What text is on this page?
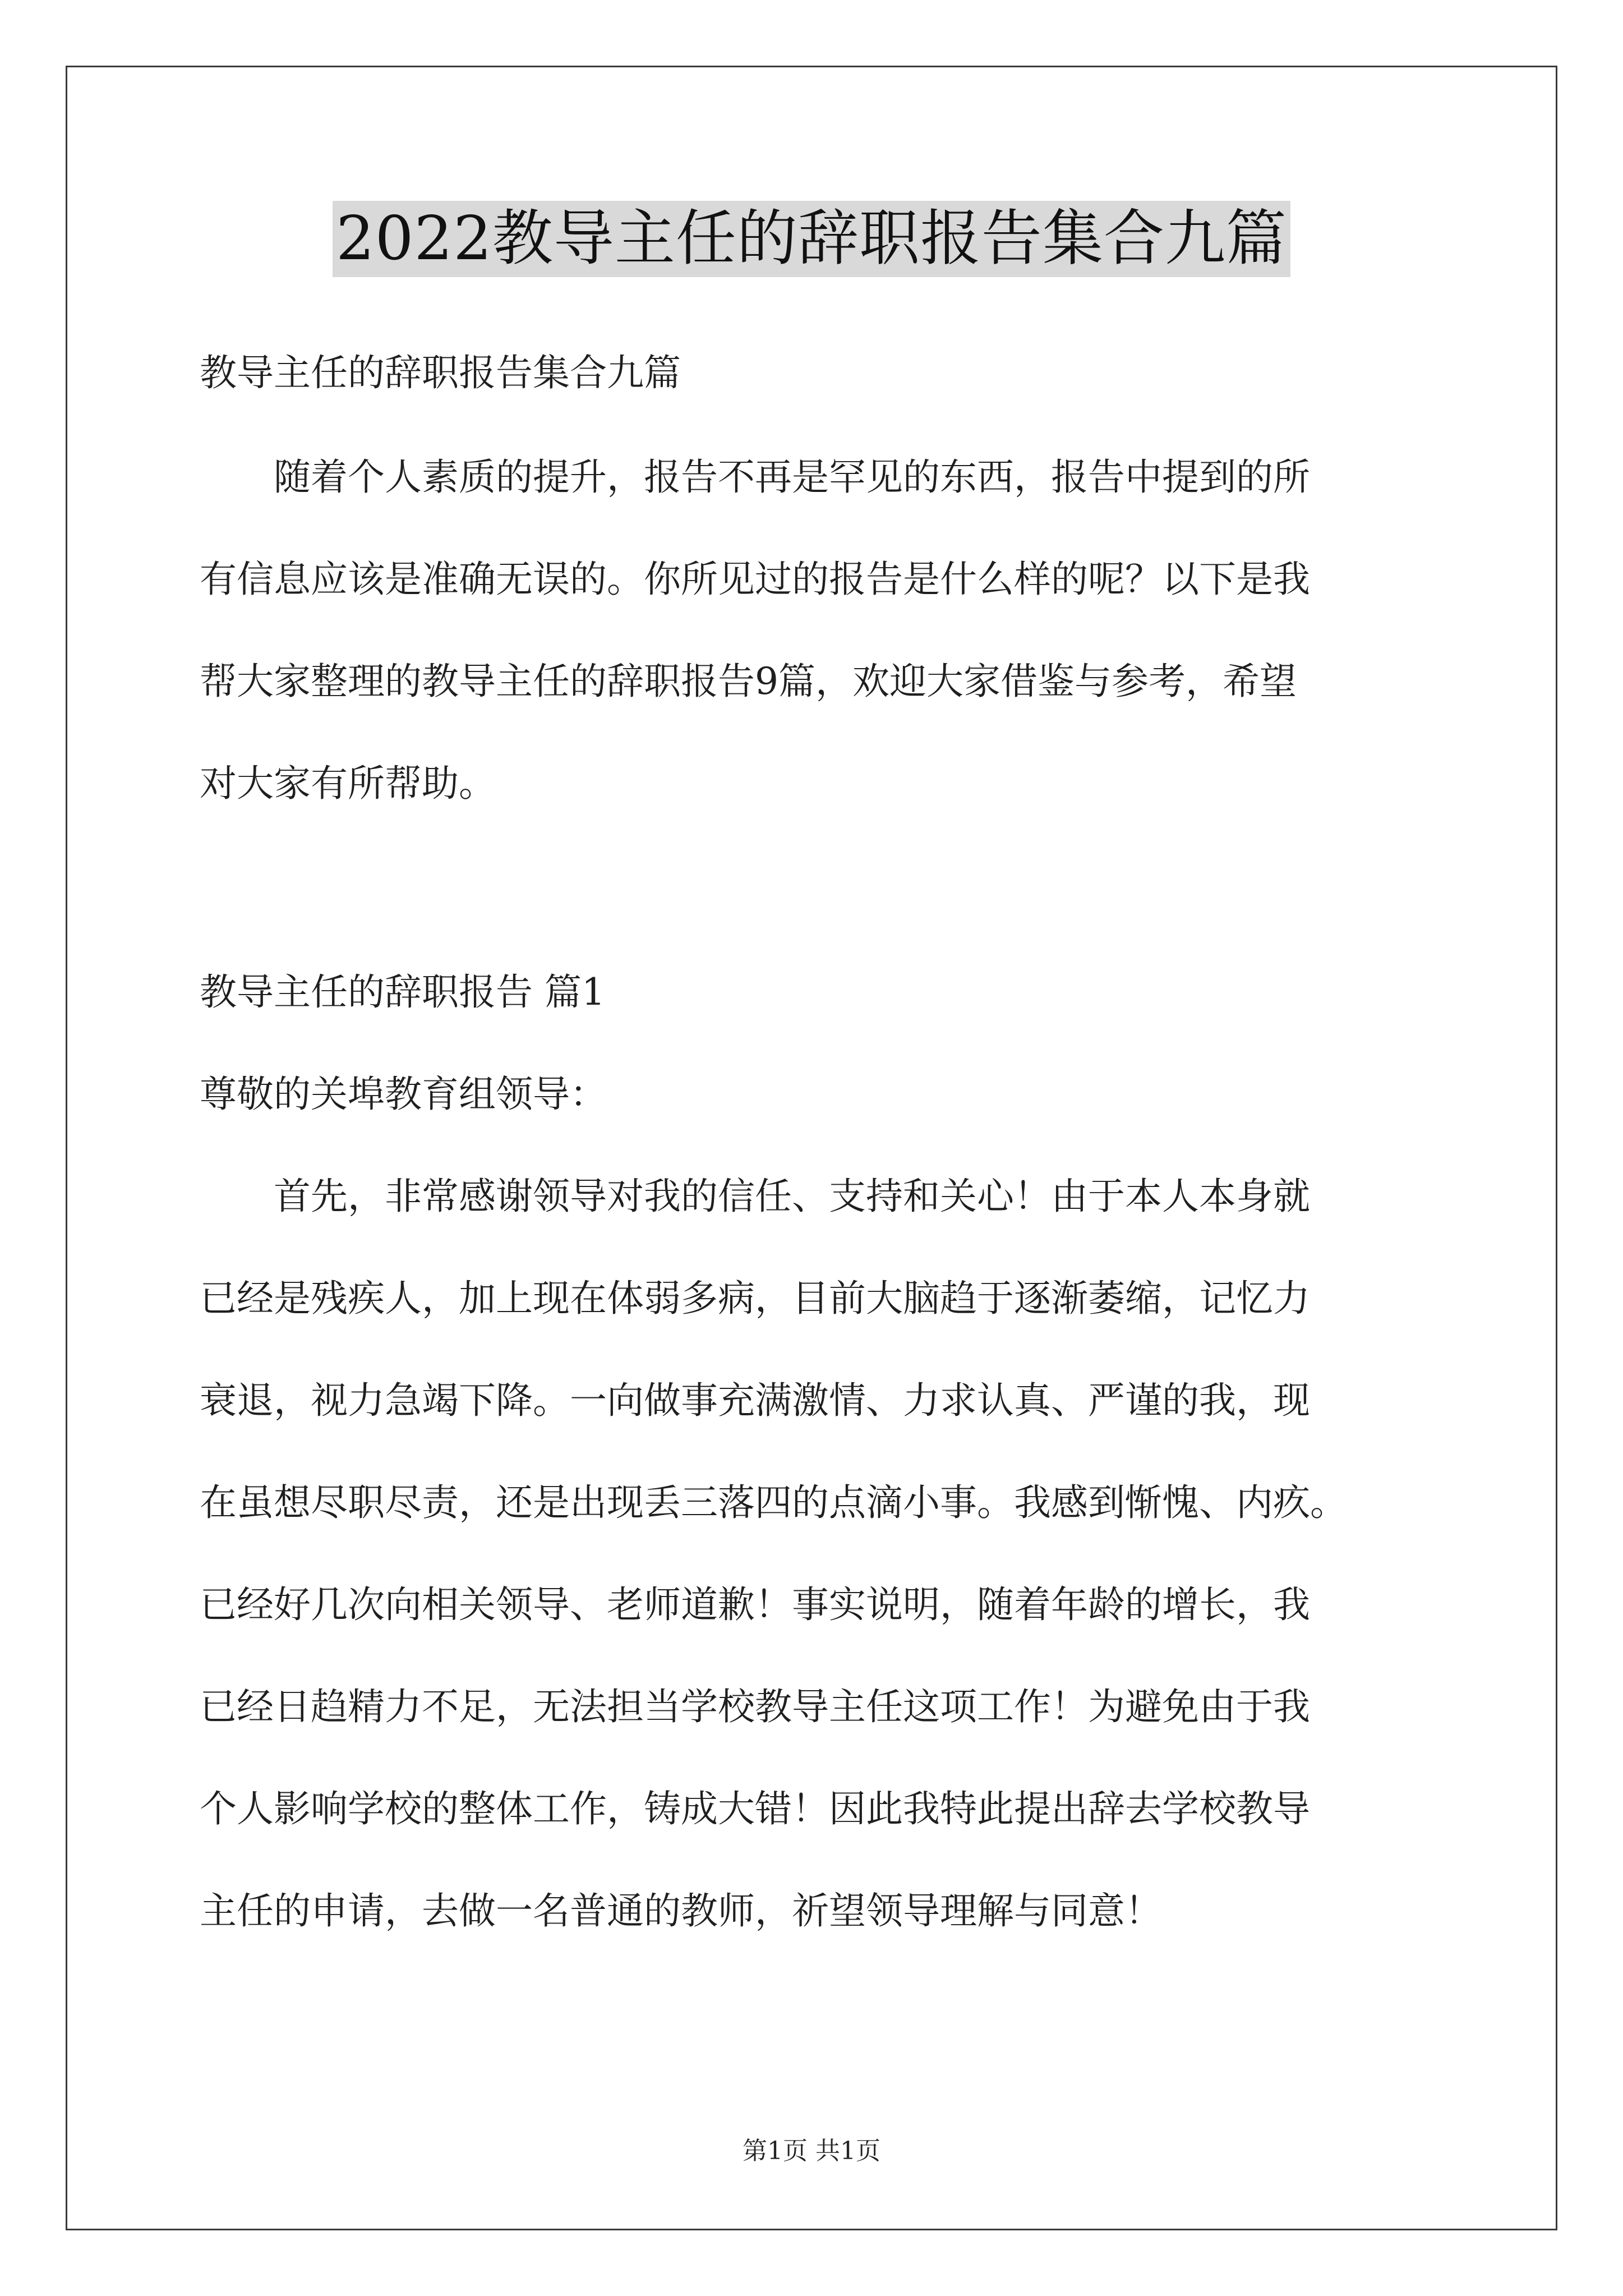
2022教导主任的辞职报告集合九篇
教导主任的辞职报告集合九篇
随着个人素质的提升，报告不再是罕见的东西，报告中提到的所
有信息应该是准确无误的。你所见过的报告是什么样的呢？以下是我
帮大家整理的教导主任的辞职报告9篇，欢迎大家借鉴与参考，希望
对大家有所帮助。
教导主任的辞职报告 篇1
尊敬的关埠教育组领导：
首先，非常感谢领导对我的信任、支持和关心！由于本人本身就
已经是残疾人，加上现在体弱多病，目前大脑趋于逐渐萎缩，记忆力
衰退，视力急竭下降。一向做事充满激情、力求认真、严谨的我，现
在虽想尽职尽责，还是出现丢三落四的点滴小事。我感到惭愧、内疚。
已经好几次向相关领导、老师道歉！事实说明，随着年龄的增长，我
已经日趋精力不足，无法担当学校教导主任这项工作！为避免由于我
个人影响学校的整体工作，铸成大错！因此我特此提出辞去学校教导
主任的申请，去做一名普通的教师，祈望领导理解与同意！
第1页 共1页
